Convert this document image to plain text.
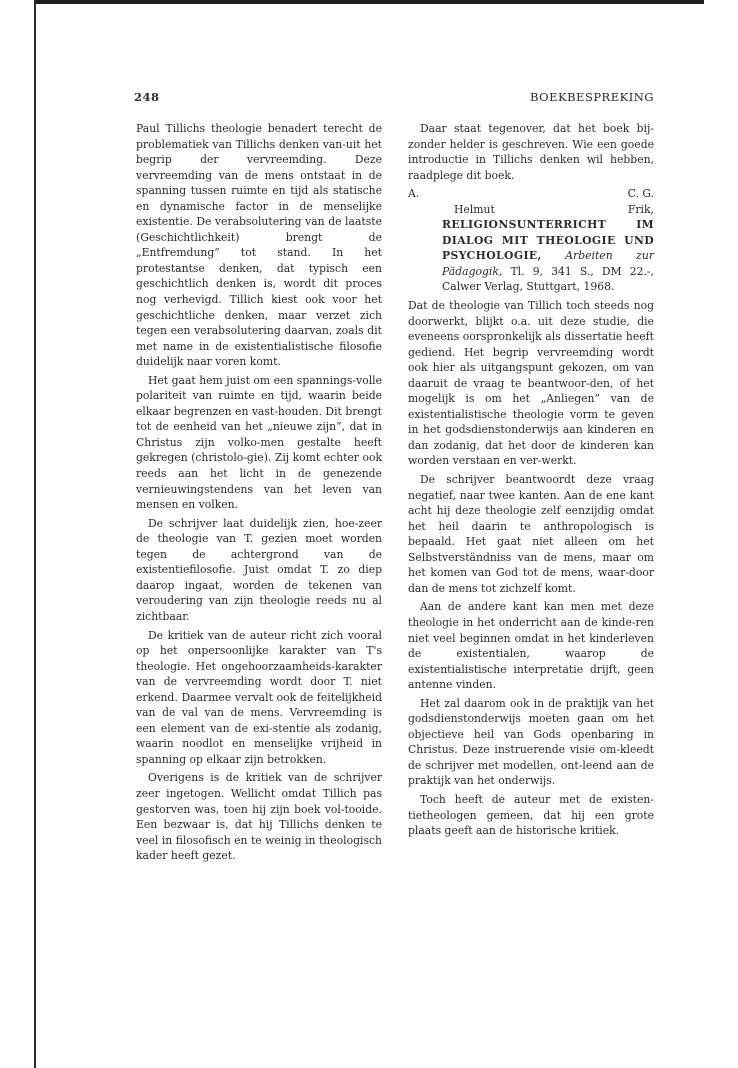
248	BOEKBESPREKING

Paul Tillichs theologie benadert terecht de problematiek van Tillichs denken van-uit het begrip der vervreemding. Deze vervreemding van de mens ontstaat in de spanning tussen ruimte en tijd als statische en dynamische factor in de menselijke existentie. De verabsolutering van de laatste (Geschichtlichkeit) brengt de „Entfremdung” tot stand. In het protestantse denken, dat typisch een geschichtlich denken is, wordt dit proces nog verhevigd. Tillich kiest ook voor het geschichtliche denken, maar verzet zich tegen een verabsolutering daarvan, zoals dit met name in de existentialistische filosofie duidelijk naar voren komt.

Het gaat hem juist om een spannings-volle polariteit van ruimte en tijd, waarin beide elkaar begrenzen en vast-houden. Dit brengt tot de eenheid van het „nieuwe zijn”, dat in Christus zijn volko-men gestalte heeft gekregen (christolo-gie). Zij komt echter ook reeds aan het licht in de genezende vernieuwingstendens van het leven van mensen en volken.

De schrijver laat duidelijk zien, hoe-zeer de theologie van T. gezien moet worden tegen de achtergrond van de existentiefilosofie. Juist omdat T. zo diep daarop ingaat, worden de tekenen van veroudering van zijn theologie reeds nu al zichtbaar.

De kritiek van de auteur richt zich vooral op het onpersoonlijke karakter van T's theologie. Het ongehoorzaamheids-karakter van de vervreemding wordt door T. niet erkend. Daarmee vervalt ook de feitelijkheid van de val van de mens. Vervreemding is een element van de exi-stentie als zodanig, waarin noodlot en menselijke vrijheid in spanning op elkaar zijn betrokken.

Overigens is de kritiek van de schrijver zeer ingetogen. Wellicht omdat Tillich pas gestorven was, toen hij zijn boek vol-tooide. Een bezwaar is, dat hij Tillichs denken te veel in filosofisch en te weinig in theologisch kader heeft gezet.

Daar staat tegenover, dat het boek bij-zonder helder is geschreven. Wie een goede introductie in Tillichs denken wil hebben, raadplege dit boek.

A.	C. G.

Helmut Frik, RELIGIONSUNTERRICHT IM DIALOG MIT THEOLOGIE UND PSYCHOLOGIE, Arbeiten zur Pädagogik, Tl. 9, 341 S., DM 22.-, Calwer Verlag, Stuttgart, 1968.

Dat de theologie van Tillich toch steeds nog doorwerkt, blijkt o.a. uit deze studie, die eveneens oorspronkelijk als dissertatie heeft gediend. Het begrip vervreemding wordt ook hier als uitgangspunt gekozen, om van daaruit de vraag te beantwoor-den, of het mogelijk is om het „Anliegen” van de existentialistische theologie vorm te geven in het godsdienstonderwijs aan kinderen en dan zodanig, dat het door de kinderen kan worden verstaan en ver-werkt.

De schrijver beantwoordt deze vraag negatief, naar twee kanten. Aan de ene kant acht hij deze theologie zelf eenzijdig omdat het heil daarin te anthropologisch is bepaald. Het gaat niet alleen om het Selbstverständniss van de mens, maar om het komen van God tot de mens, waar-door dan de mens tot zichzelf komt.

Aan de andere kant kan men met deze theologie in het onderricht aan de kinde-ren niet veel beginnen omdat in het kinderleven de existentialen, waarop de existentialistische interpretatie drijft, geen antenne vinden.

Het zal daarom ook in de praktijk van het godsdienstonderwijs moeten gaan om het objectieve heil van Gods openbaring in Christus. Deze instruerende visie om-kleedt de schrijver met modellen, ont-leend aan de praktijk van het onderwijs.

Toch heeft de auteur met de existen-tietheologen gemeen, dat hij een grote plaats geeft aan de historische kritiek.
